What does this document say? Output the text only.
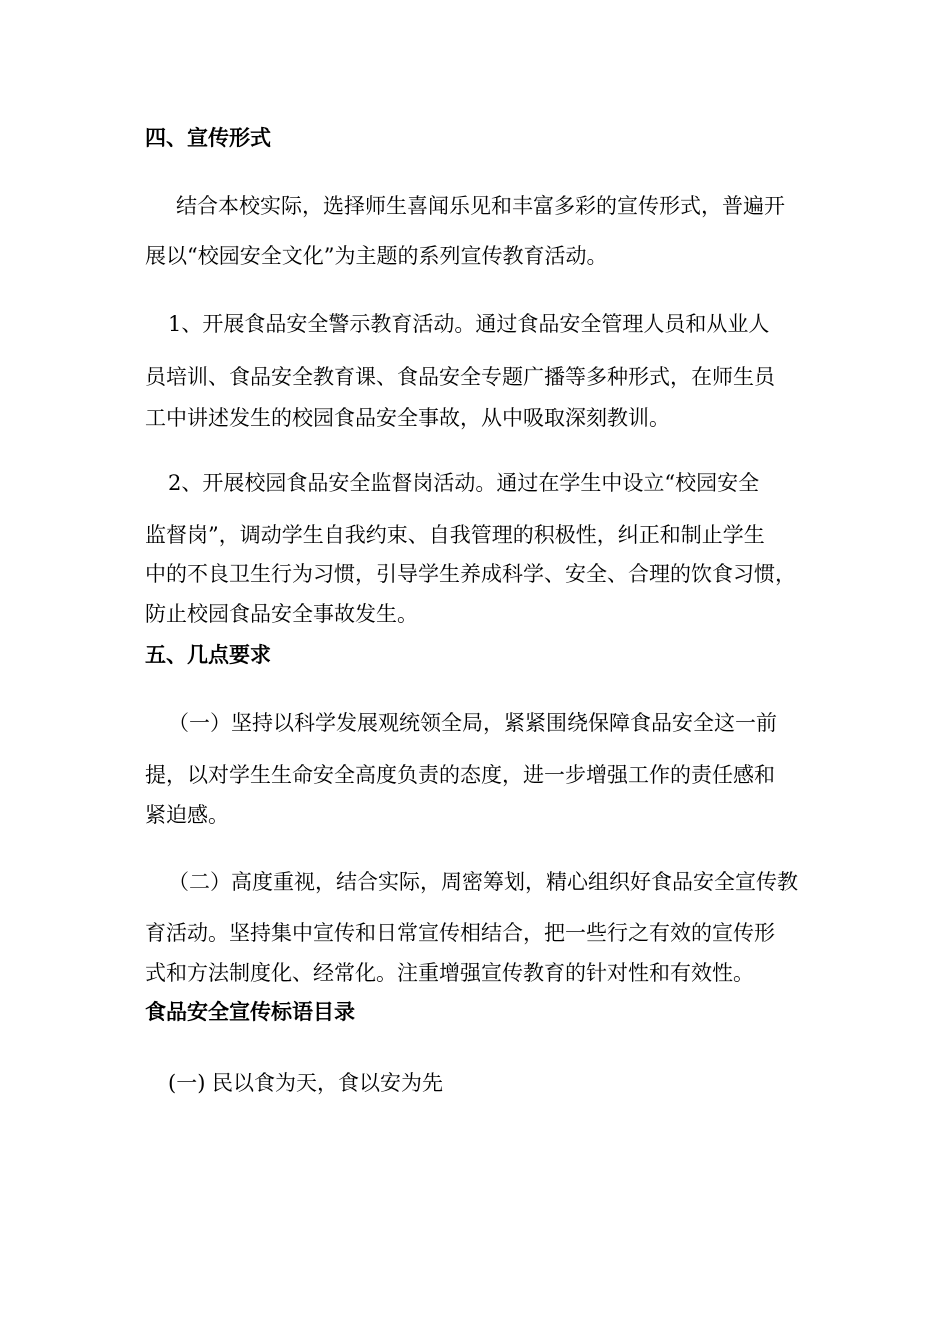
四、宣传形式
结合本校实际，选择师生喜闻乐见和丰富多彩的宣传形式，普遍开
展以“校园安全文化”为主题的系列宣传教育活动。
1、开展食品安全警示教育活动。通过食品安全管理人员和从业人
员培训、食品安全教育课、食品安全专题广播等多种形式，在师生员
工中讲述发生的校园食品安全事故，从中吸取深刻教训。
2、开展校园食品安全监督岗活动。通过在学生中设立“校园安全
监督岗”，调动学生自我约束、自我管理的积极性，纠正和制止学生
中的不良卫生行为习惯，引导学生养成科学、安全、合理的饮食习惯，
防止校园食品安全事故发生。
五、几点要求
（一）坚持以科学发展观统领全局，紧紧围绕保障食品安全这一前
提，以对学生生命安全高度负责的态度，进一步增强工作的责任感和
紧迫感。
（二）高度重视，结合实际，周密筹划，精心组织好食品安全宣传教
育活动。坚持集中宣传和日常宣传相结合，把一些行之有效的宣传形
式和方法制度化、经常化。注重增强宣传教育的针对性和有效性。
食品安全宣传标语目录
(一) 民以食为天，食以安为先
